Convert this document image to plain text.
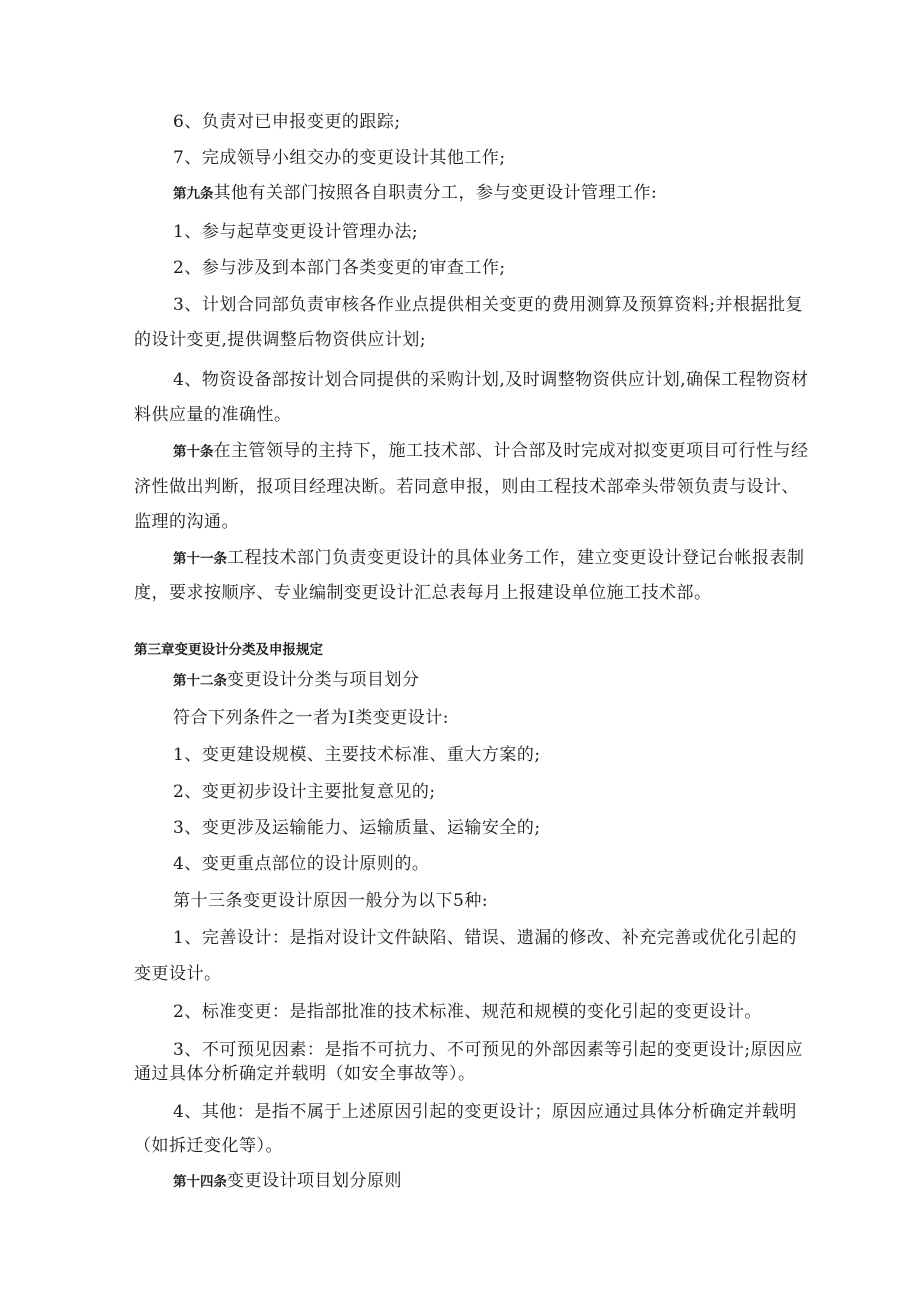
6、负责对已申报变更的跟踪;
7、完成领导小组交办的变更设计其他工作;
第九条其他有关部门按照各自职责分工，参与变更设计管理工作:
1、参与起草变更设计管理办法;
2、参与涉及到本部门各类变更的审查工作;
3、计划合同部负责审核各作业点提供相关变更的费用测算及预算资料;并根据批复
的设计变更,提供调整后物资供应计划;
4、物资设备部按计划合同提供的采购计划,及时调整物资供应计划,确保工程物资材
料供应量的准确性。
第十条在主管领导的主持下，施工技术部、计合部及时完成对拟变更项目可行性与经
济性做出判断，报项目经理决断。若同意申报，则由工程技术部牵头带领负责与设计、
监理的沟通。
第十一条工程技术部门负责变更设计的具体业务工作，建立变更设计登记台帐报表制
度，要求按顺序、专业编制变更设计汇总表每月上报建设单位施工技术部。
第三章变更设计分类及申报规定
第十二条变更设计分类与项目划分
符合下列条件之一者为I类变更设计:
1、变更建设规模、主要技术标准、重大方案的;
2、变更初步设计主要批复意见的;
3、变更涉及运输能力、运输质量、运输安全的;
4、变更重点部位的设计原则的。
第十三条变更设计原因一般分为以下5种:
1、完善设计：是指对设计文件缺陷、错误、遗漏的修改、补充完善或优化引起的
变更设计。
2、标准变更：是指部批准的技术标准、规范和规模的变化引起的变更设计。
3、不可预见因素：是指不可抗力、不可预见的外部因素等引起的变更设计;原因应
通过具体分析确定并载明（如安全事故等）。
4、其他：是指不属于上述原因引起的变更设计；原因应通过具体分析确定并载明
（如拆迁变化等）。
第十四条变更设计项目划分原则
